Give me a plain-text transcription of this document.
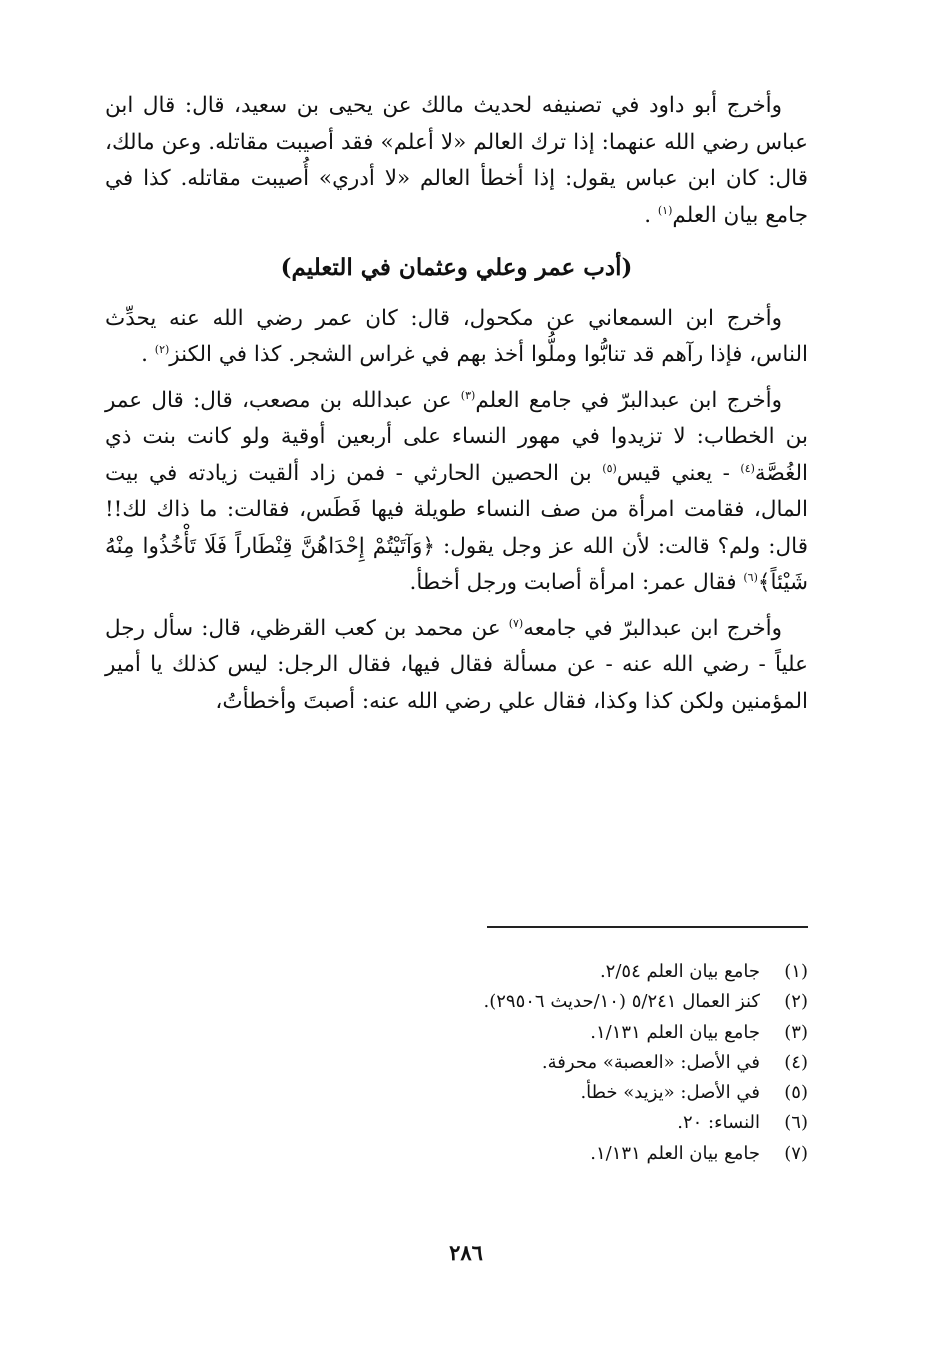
وأخرج أبو داود في تصنيفه لحديث مالك عن يحيى بن سعيد، قال: قال ابن عباس رضي الله عنهما: إذا ترك العالم «لا أعلم» فقد أصيبت مقاتله. وعن مالك، قال: كان ابن عباس يقول: إذا أخطأ العالم «لا أدري» أُصيبت مقاتله. كذا في جامع بيان العلم$^{(١)}$ .

(أدب عمر وعلي وعثمان في التعليم)

وأخرج ابن السمعاني عن مكحول، قال: كان عمر رضي الله عنه يحدِّث الناس، فإذا رآهم قد تنابُّوا وملُّوا أخذ بهم في غراس الشجر. كذا في الكنز$^{(٢)}$ .

وأخرج ابن عبدالبرّ في جامع العلم$^{(٣)}$ عن عبدالله بن مصعب، قال: قال عمر بن الخطاب: لا تزيدوا في مهور النساء على أربعين أوقية ولو كانت بنت ذي الغُصَّة$^{(٤)}$ - يعني قيس$^{(٥)}$ بن الحصين الحارثي - فمن زاد ألقيت زيادته في بيت المال، فقامت امرأة من صف النساء طويلة فيها فَطَس، فقالت: ما ذاك لك!! قال: ولم؟ قالت: لأن الله عز وجل يقول: ﴿وَآتَيْتُمْ إِحْدَاهُنَّ قِنْطَاراً فَلَا تَأْخُذُوا مِنْهُ شَيْئاً﴾$^{(٦)}$ فقال عمر: امرأة أصابت ورجل أخطأ.

وأخرج ابن عبدالبرّ في جامعه$^{(٧)}$ عن محمد بن كعب القرظي، قال: سأل رجل علياً - رضي الله عنه - عن مسألة فقال فيها، فقال الرجل: ليس كذلك يا أمير المؤمنين ولكن كذا وكذا، فقال علي رضي الله عنه: أصبتَ وأخطأتُ،

(١)جامع بيان العلم ٢/٥٤.
(٢)كنز العمال ٥/٢٤١ (١٠/حديث ٢٩٥٠٦).
(٣)جامع بيان العلم ١/١٣١.
(٤)في الأصل: «العصبة» محرفة.
(٥)في الأصل: «يزيد» خطأ.
(٦)النساء: ٢٠.
(٧)جامع بيان العلم ١/١٣١.
٢٨٦
